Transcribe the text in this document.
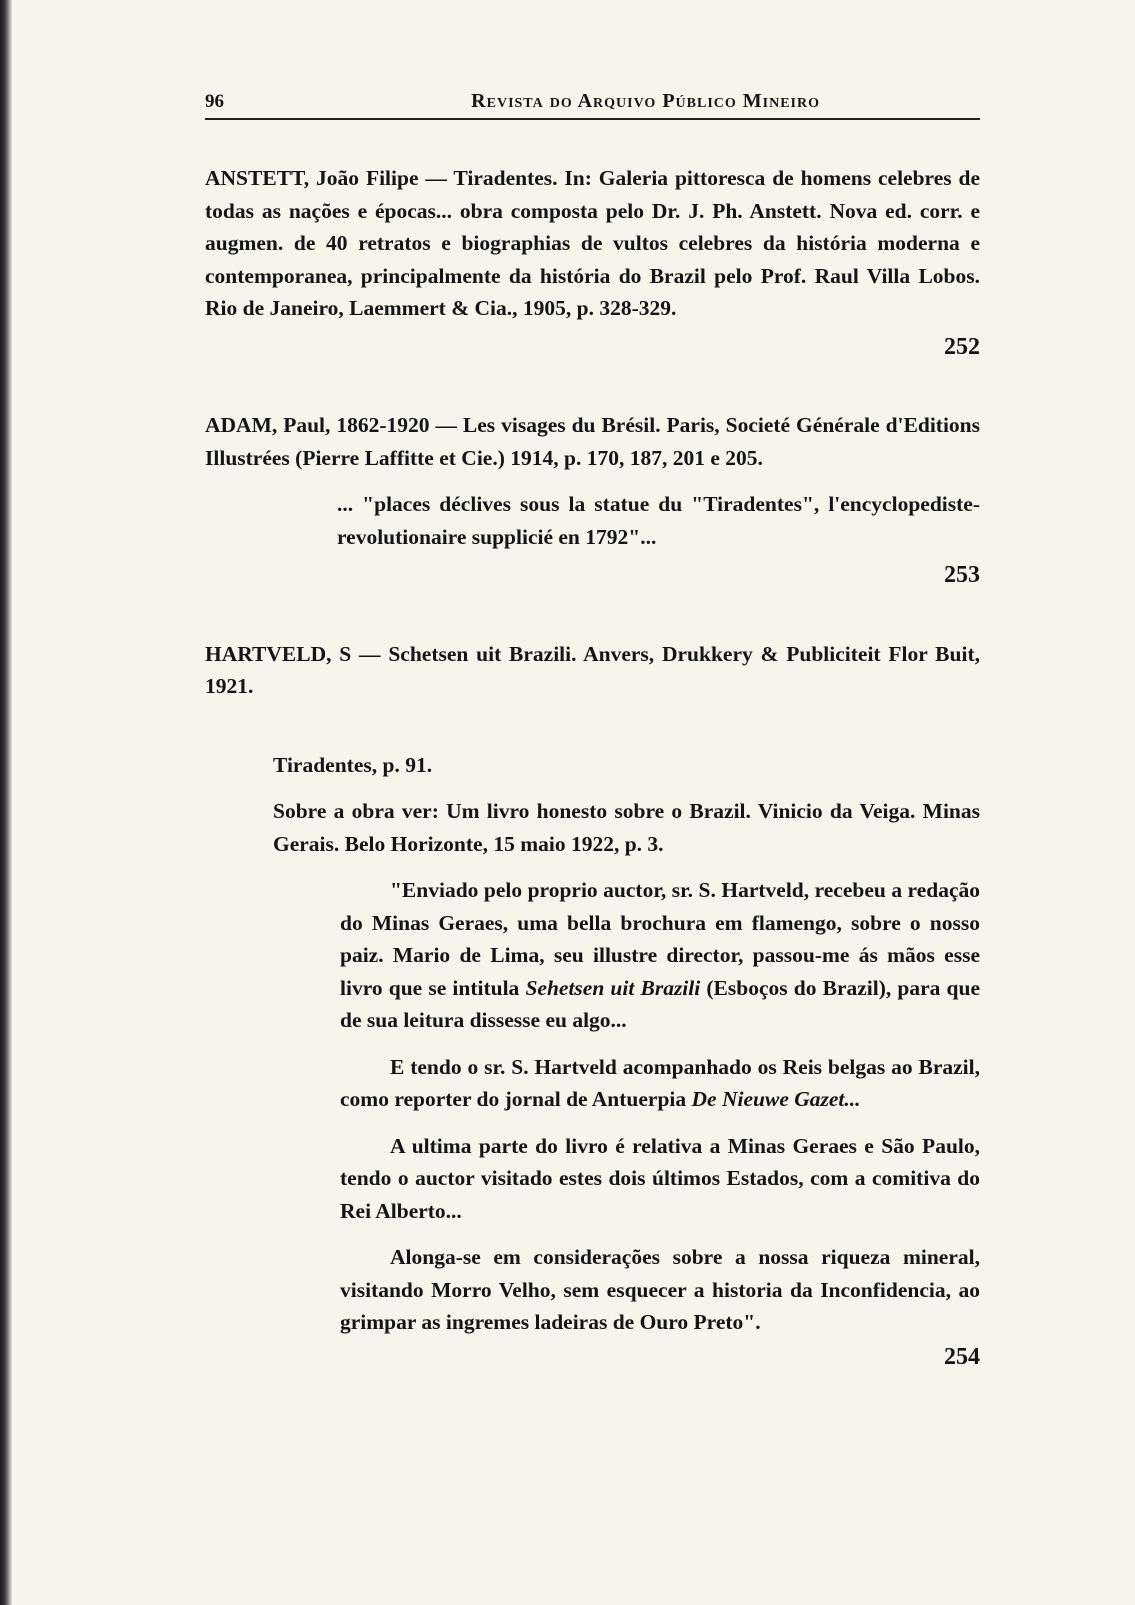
96	Revista do Arquivo Público Mineiro

ANSTETT, João Filipe — Tiradentes. In: Galeria pittoresca de homens celebres de todas as nações e épocas... obra composta pelo Dr. J. Ph. Anstett. Nova ed. corr. e augmen. de 40 retratos e biographias de vultos celebres da história moderna e contemporanea, principalmente da história do Brazil pelo Prof. Raul Villa Lobos. Rio de Janeiro, Laemmert & Cia., 1905, p. 328-329.

252

ADAM, Paul, 1862-1920 — Les visages du Brésil. Paris, Societé Générale d'Editions Illustrées (Pierre Laffitte et Cie.) 1914, p. 170, 187, 201 e 205.

... "places déclives sous la statue du "Tiradentes", l'encyclopediste-revolutionaire supplicié en 1792"...

253

HARTVELD, S — Schetsen uit Brazili. Anvers, Drukkery & Publiciteit Flor Buit, 1921.

Tiradentes, p. 91.

Sobre a obra ver: Um livro honesto sobre o Brazil. Vinicio da Veiga. Minas Gerais. Belo Horizonte, 15 maio 1922, p. 3.

"Enviado pelo proprio auctor, sr. S. Hartveld, recebeu a redação do Minas Geraes, uma bella brochura em flamengo, sobre o nosso paiz. Mario de Lima, seu illustre director, passou-me ás mãos esse livro que se intitula Sehetsen uit Brazili (Esboços do Brazil), para que de sua leitura dissesse eu algo...

E tendo o sr. S. Hartveld acompanhado os Reis belgas ao Brazil, como reporter do jornal de Antuerpia De Nieuwe Gazet...

A ultima parte do livro é relativa a Minas Geraes e São Paulo, tendo o auctor visitado estes dois últimos Estados, com a comitiva do Rei Alberto...

Alonga-se em considerações sobre a nossa riqueza mineral, visitando Morro Velho, sem esquecer a historia da Inconfidencia, ao grimpar as ingremes ladeiras de Ouro Preto".

254
